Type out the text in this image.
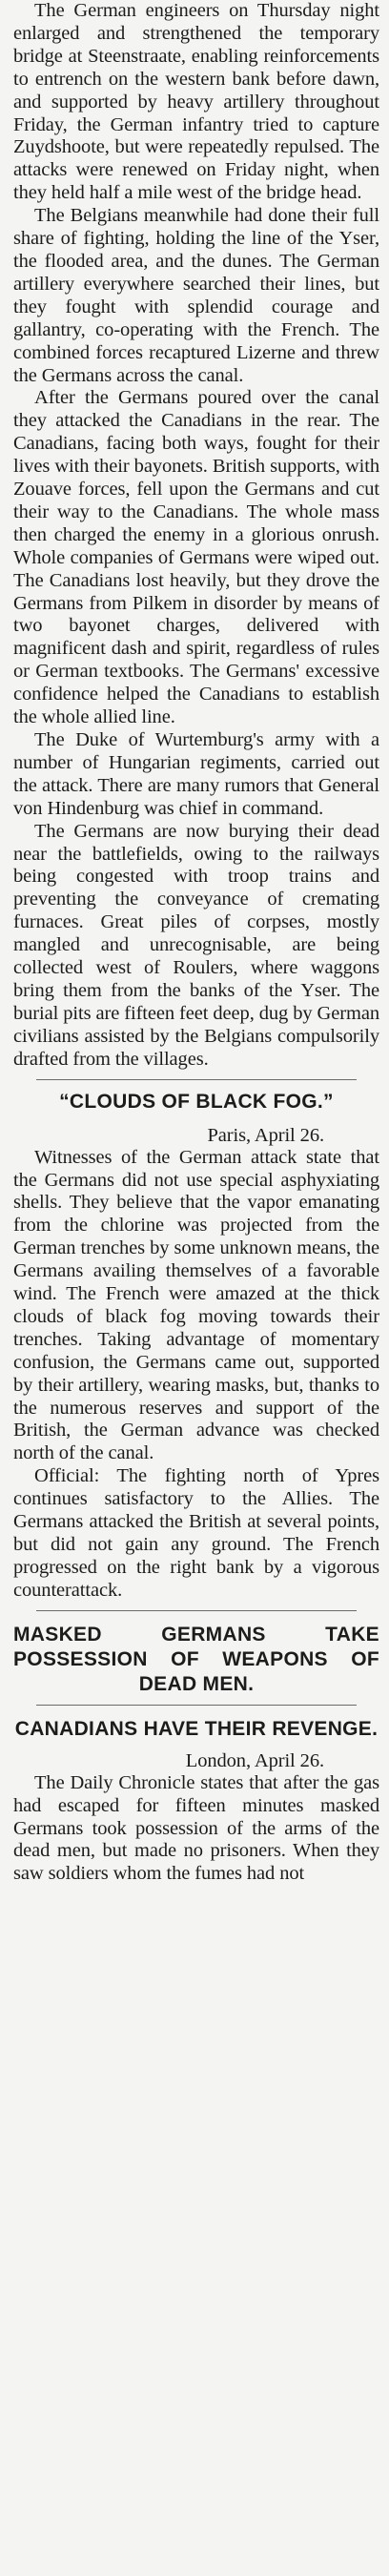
The German engineers on Thursday night enlarged and strengthened the temporary bridge at Steenstraate, enabling reinforcements to entrench on the western bank before dawn, and supported by heavy artillery throughout Friday, the German infantry tried to capture Zuydshoote, but were repeatedly repulsed. The attacks were renewed on Friday night, when they held half a mile west of the bridge head.

The Belgians meanwhile had done their full share of fighting, holding the line of the Yser, the flooded area, and the dunes. The German artillery everywhere searched their lines, but they fought with splendid courage and gallantry, co-operating with the French. The combined forces recaptured Lizerne and threw the Germans across the canal.

After the Germans poured over the canal they attacked the Canadians in the rear. The Canadians, facing both ways, fought for their lives with their bayonets. British supports, with Zouave forces, fell upon the Germans and cut their way to the Canadians. The whole mass then charged the enemy in a glorious onrush. Whole companies of Germans were wiped out. The Canadians lost heavily, but they drove the Germans from Pilkem in disorder by means of two bayonet charges, delivered with magnificent dash and spirit, regardless of rules or German textbooks. The Germans' excessive confidence helped the Canadians to establish the whole allied line.

The Duke of Wurtemburg's army with a number of Hungarian regiments, carried out the attack. There are many rumors that General von Hindenburg was chief in command.

The Germans are now burying their dead near the battlefields, owing to the railways being congested with troop trains and preventing the conveyance of cremating furnaces. Great piles of corpses, mostly mangled and unrecognisable, are being collected west of Roulers, where waggons bring them from the banks of the Yser. The burial pits are fifteen feet deep, dug by German civilians assisted by the Belgians compulsorily drafted from the villages.

“CLOUDS OF BLACK FOG.”
Paris, April 26.

Witnesses of the German attack state that the Germans did not use special asphyxiating shells. They believe that the vapor emanating from the chlorine was projected from the German trenches by some unknown means, the Germans availing themselves of a favorable wind. The French were amazed at the thick clouds of black fog moving towards their trenches. Taking advantage of momentary confusion, the Germans came out, supported by their artillery, wearing masks, but, thanks to the numerous reserves and support of the British, the German advance was checked north of the canal.

Official: The fighting north of Ypres continues satisfactory to the Allies. The Germans attacked the British at several points, but did not gain any ground. The French progressed on the right bank by a vigorous counterattack.

MASKED GERMANS TAKE POSSESSION OF WEAPONS OF DEAD MEN.
CANADIANS HAVE THEIR REVENGE.
London, April 26.

The Daily Chronicle states that after the gas had escaped for fifteen minutes masked Germans took possession of the arms of the dead men, but made no prisoners. When they saw soldiers whom the fumes had not
